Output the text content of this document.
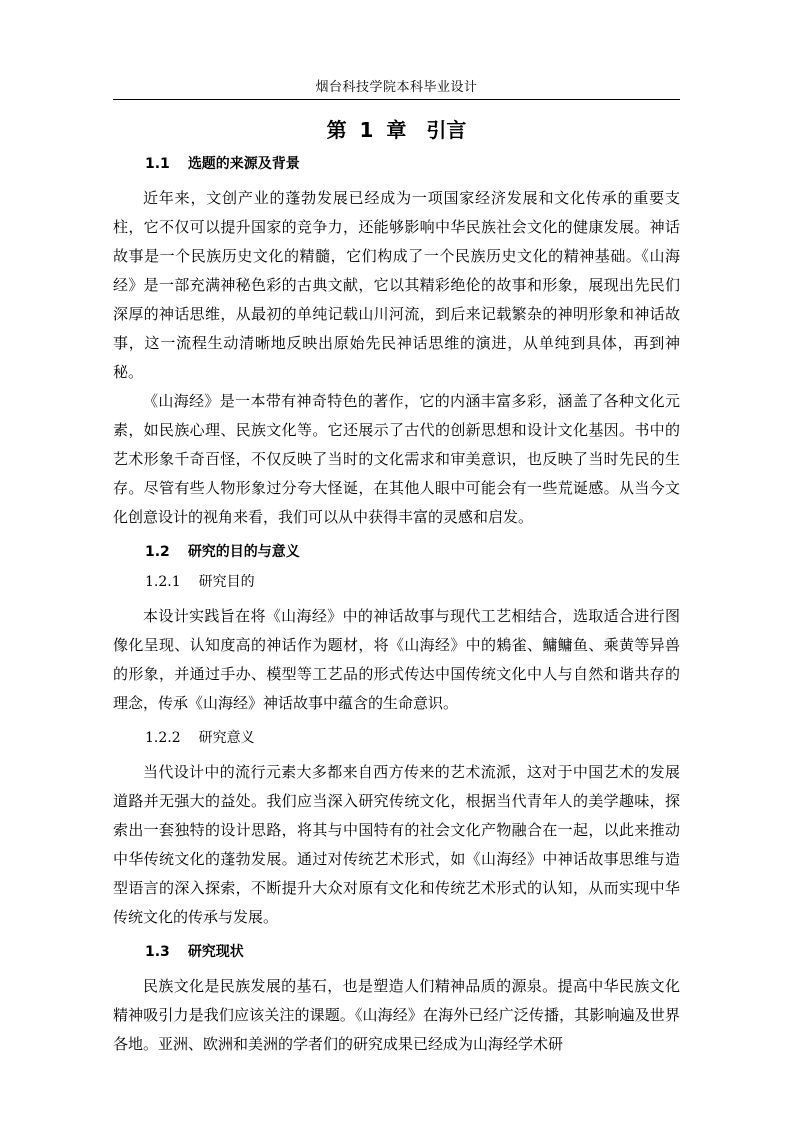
烟台科技学院本科毕业设计
第 1 章　引言
1.1 选题的来源及背景

近年来，文创产业的蓬勃发展已经成为一项国家经济发展和文化传承的重要支柱，它不仅可以提升国家的竞争力，还能够影响中华民族社会文化的健康发展。神话故事是一个民族历史文化的精髓，它们构成了一个民族历史文化的精神基础。《山海经》是一部充满神秘色彩的古典文献，它以其精彩绝伦的故事和形象，展现出先民们深厚的神话思维，从最初的单纯记载山川河流，到后来记载繁杂的神明形象和神话故事，这一流程生动清晰地反映出原始先民神话思维的演进，从单纯到具体，再到神秘。

《山海经》是一本带有神奇特色的著作，它的内涵丰富多彩，涵盖了各种文化元素，如民族心理、民族文化等。它还展示了古代的创新思想和设计文化基因。书中的艺术形象千奇百怪，不仅反映了当时的文化需求和审美意识，也反映了当时先民的生存。尽管有些人物形象过分夸大怪诞，在其他人眼中可能会有一些荒诞感。从当今文化创意设计的视角来看，我们可以从中获得丰富的灵感和启发。

1.2 研究的目的与意义
1.2.1 研究目的

本设计实践旨在将《山海经》中的神话故事与现代工艺相结合，选取适合进行图像化呈现、认知度高的神话作为题材，将《山海经》中的鴸雀、鳙鳙鱼、乘黄等异兽的形象，并通过手办、模型等工艺品的形式传达中国传统文化中人与自然和谐共存的理念，传承《山海经》神话故事中蕴含的生命意识。

1.2.2 研究意义

当代设计中的流行元素大多都来自西方传来的艺术流派，这对于中国艺术的发展道路并无强大的益处。我们应当深入研究传统文化，根据当代青年人的美学趣味，探索出一套独特的设计思路，将其与中国特有的社会文化产物融合在一起，以此来推动中华传统文化的蓬勃发展。通过对传统艺术形式，如《山海经》中神话故事思维与造型语言的深入探索，不断提升大众对原有文化和传统艺术形式的认知，从而实现中华传统文化的传承与发展。

1.3 研究现状

民族文化是民族发展的基石，也是塑造人们精神品质的源泉。提高中华民族文化精神吸引力是我们应该关注的课题。《山海经》在海外已经广泛传播，其影响遍及世界各地。亚洲、欧洲和美洲的学者们的研究成果已经成为山海经学术研
